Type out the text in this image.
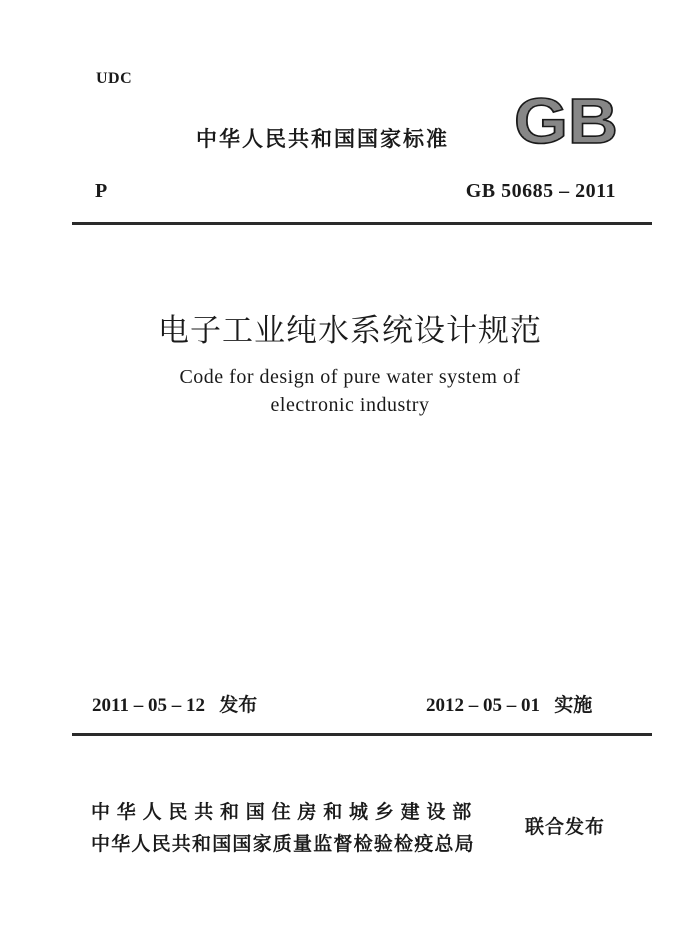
UDC
中华人民共和国国家标准 GB
P	GB 50685 – 2011
电子工业纯水系统设计规范
Code for design of pure water system of
electronic industry
2011 – 05 – 12 发布	2012 – 05 – 01 实施
中华人民共和国住房和城乡建设部
中华人民共和国国家质量监督检验检疫总局
联合发布
